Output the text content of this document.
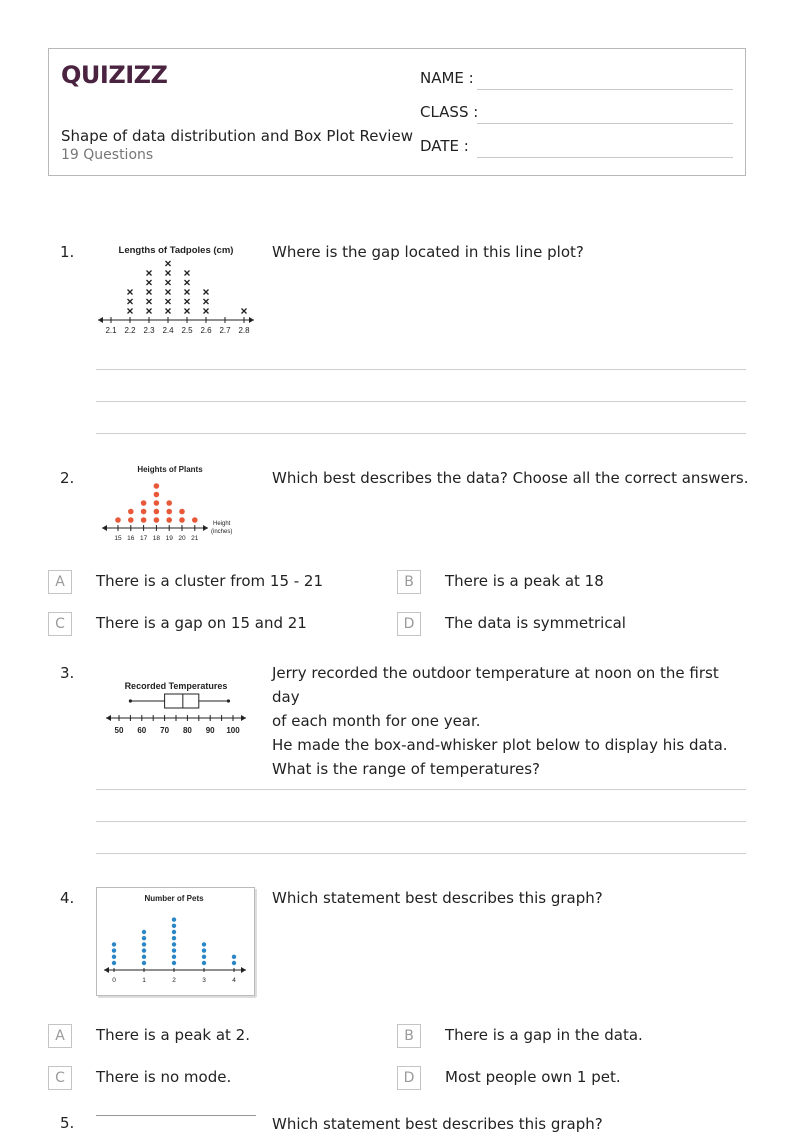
QUIZIZZ
Shape of data distribution and Box Plot Review
19 Questions
NAME :
CLASS :
DATE :
1.	Lengths of Tadpoles (cm)
2.1 2.2 2.3 2.4 2.5 2.6 2.7 2.8
Where is the gap located in this line plot?
2.	Heights of Plants
15 16 17 18 19 20 21
Height
(inches)
Which best describes the data? Choose all the correct answers.
A	There is a cluster from 15 - 21	B	There is a peak at 18
C	There is a gap on 15 and 21	D	The data is symmetrical
3.
Recorded Temperatures
50 60 70 80 90 100
Jerry recorded the outdoor temperature at noon on the first day
of each month for one year.
He made the box-and-whisker plot below to display his data.
What is the range of temperatures?
4.	Number of Pets
0	1	2	3	4
Which statement best describes this graph?
A	There is a peak at 2.	B	There is a gap in the data.
C	There is no mode.	D	Most people own 1 pet.
5.	Which statement best describes this graph?
